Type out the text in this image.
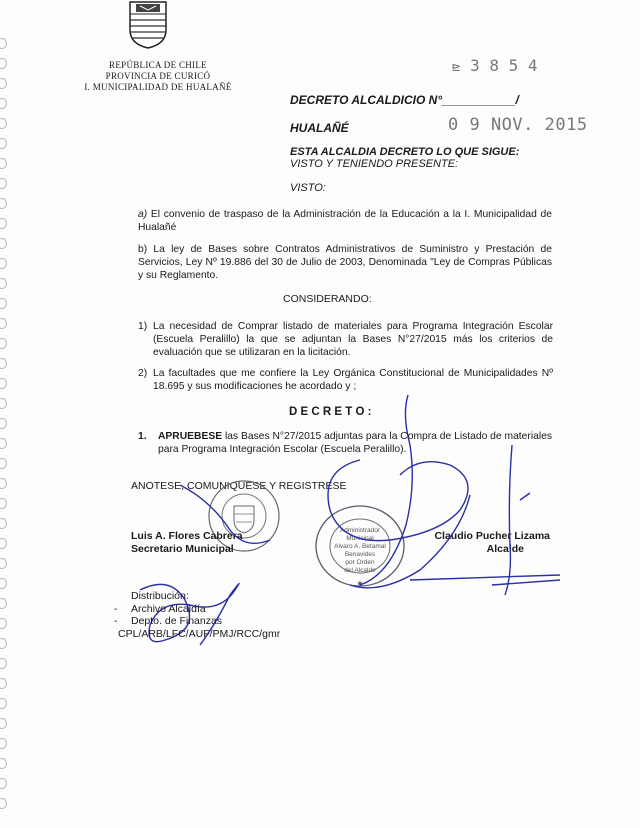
REPÚBLICA DE CHILE
PROVINCIA DE CURICÓ
I. MUNICIPALIDAD DE HUALAÑÉ
⊵ 3 8 5 4
DECRETO ALCALDICIO N°___________/
HUALAÑÉ	0 9 NOV. 2015
ESTA ALCALDIA DECRETO LO QUE SIGUE:
VISTO Y TENIENDO PRESENTE:
VISTO:
a) El convenio de traspaso de la Administración de la Educación a la I. Municipalidad de Hualañé
b) La ley de Bases sobre Contratos Administrativos de Suministro y Prestación de Servicios, Ley Nº 19.886 del 30 de Julio de 2003, Denominada "Ley de Compras Públicas y su Reglamento.
CONSIDERANDO:
1) La necesidad de Comprar listado de materiales para Programa Integración Escolar (Escuela Peralillo) la que se adjuntan la Bases N°27/2015 más los criterios de evaluación que se utilizaran en la licitación.
2) La facultades que me confiere la Ley Orgánica Constitucional de Municipalidades Nº 18.695 y sus modificaciones he acordado y ;
D E C R E T O :
1. APRUEBESE las Bases N°27/2015 adjuntas para la Compra de Listado de materiales para Programa Integración Escolar (Escuela Peralillo).
ANOTESE, COMUNIQUESE Y REGISTRESE
Administrador
Municipal
Alvaro A. Betamal
Benavides
por Orden
del Alcalde
★
Luis A. Flores Cabrera
Secretario Municipal
Claudio Pucher Lizama
Alcalde
Distribución:
- Archivo Alcaldía
- Depto. de Finanzas
CPL/ARB/LFC/AUF/PMJ/RCC/gmr
